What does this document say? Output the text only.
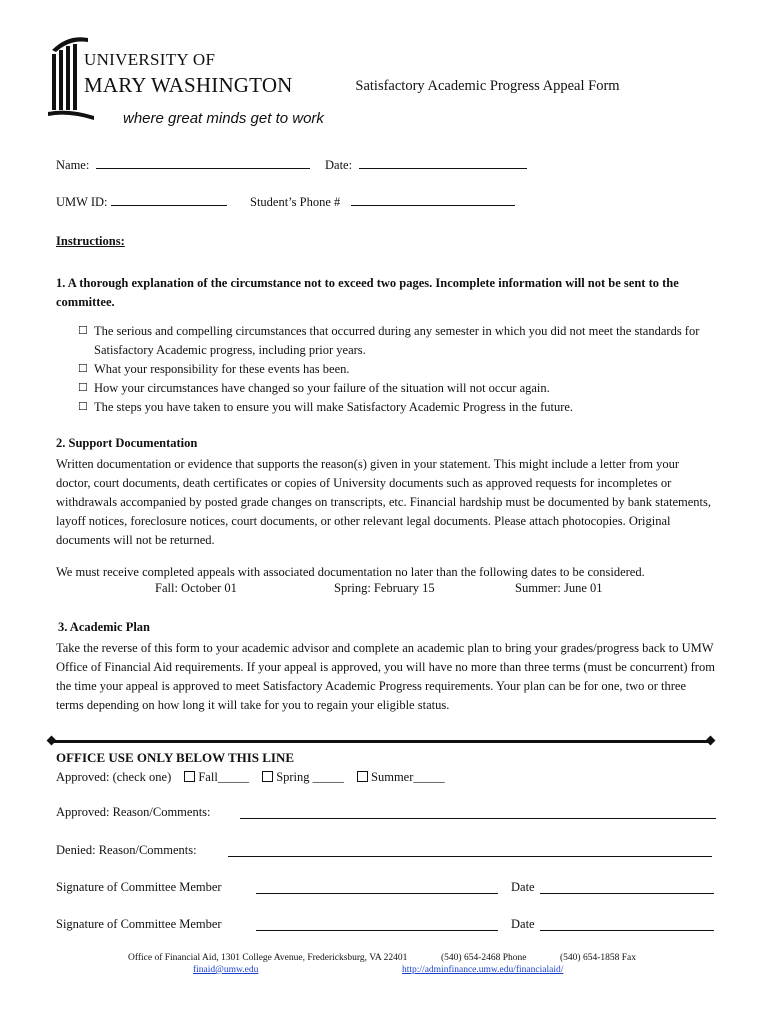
UNIVERSITY OF
MARY WASHINGTON
where great minds get to work
Satisfactory Academic Progress Appeal Form
Name:	Date:
UMW ID:	Student’s Phone #
Instructions:
1. A thorough explanation of the circumstance not to exceed two pages. Incomplete information will not be sent to the committee.
☐ The serious and compelling circumstances that occurred during any semester in which you did not meet the standards for Satisfactory Academic progress, including prior years.
☐ What your responsibility for these events has been.
☐ How your circumstances have changed so your failure of the situation will not occur again.
☐ The steps you have taken to ensure you will make Satisfactory Academic Progress in the future.
2. Support Documentation
Written documentation or evidence that supports the reason(s) given in your statement. This might include a letter from your doctor, court documents, death certificates or copies of University documents such as approved requests for incompletes or withdrawals accompanied by posted grade changes on transcripts, etc. Financial hardship must be documented by bank statements, layoff notices, foreclosure notices, court documents, or other relevant legal documents. Please attach photocopies. Original documents will not be returned.
We must receive completed appeals with associated documentation no later than the following dates to be considered.
Fall: October 01	Spring: February 15	Summer: June 01
3. Academic Plan
Take the reverse of this form to your academic advisor and complete an academic plan to bring your grades/progress back to UMW Office of Financial Aid requirements. If your appeal is approved, you will have no more than three terms (must be concurrent) from the time your appeal is approved to meet Satisfactory Academic Progress requirements. Your plan can be for one, two or three terms depending on how long it will take for you to regain your eligible status.
OFFICE USE ONLY BELOW THIS LINE
Approved: (check one) Fall_____ Spring _____ Summer_____
Approved: Reason/Comments:
Denied: Reason/Comments:
Signature of Committee Member	Date
Signature of Committee Member	Date
Office of Financial Aid, 1301 College Avenue, Fredericksburg, VA 22401	(540) 654-2468 Phone	(540) 654-1858 Fax
finaid@umw.edu	http://adminfinance.umw.edu/financialaid/
